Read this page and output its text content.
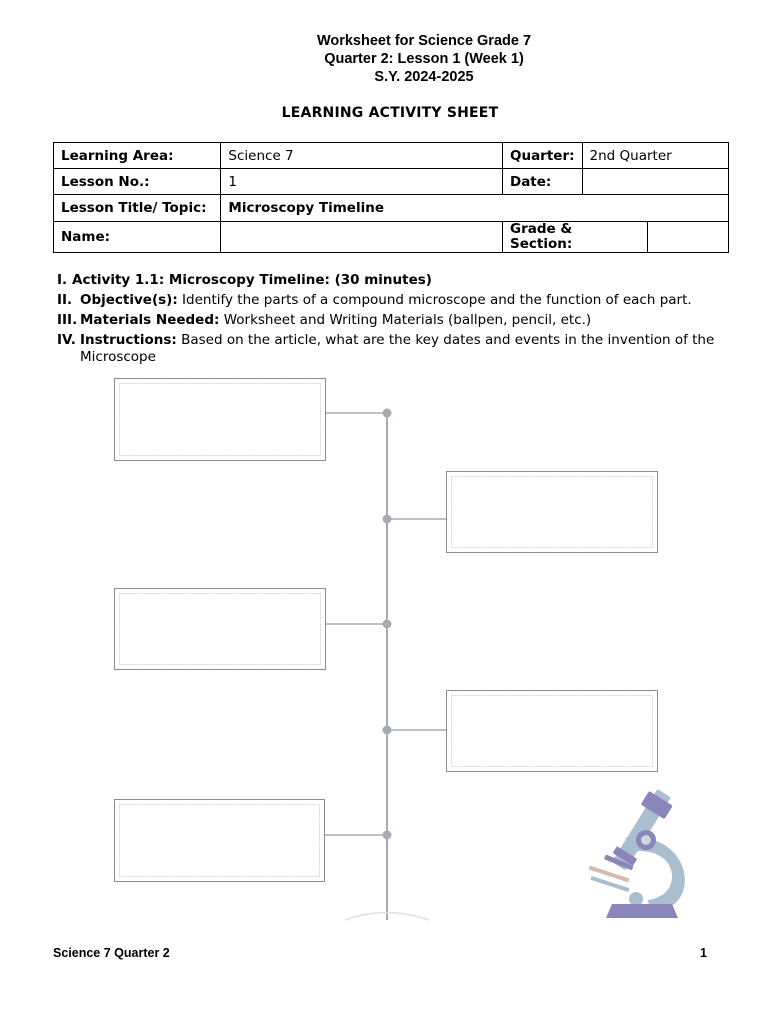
Worksheet for Science Grade 7
Quarter 2: Lesson 1 (Week 1)
S.Y. 2024-2025
LEARNING ACTIVITY SHEET
Learning Area:	Science 7	Quarter:	2nd Quarter	
Lesson No.:	1	Date:		
Lesson Title/ Topic:	Microscopy Timeline			
Name:		Grade &
Section:		
I. Activity 1.1: Microscopy Timeline: (30 minutes)
II. Objective(s): Identify the parts of a compound microscope and the function of each part.
III. Materials Needed: Worksheet and Writing Materials (ballpen, pencil, etc.)
IV. Instructions: Based on the article, what are the key dates and events in the invention of the Microscope
Science 7 Quarter 2	1
